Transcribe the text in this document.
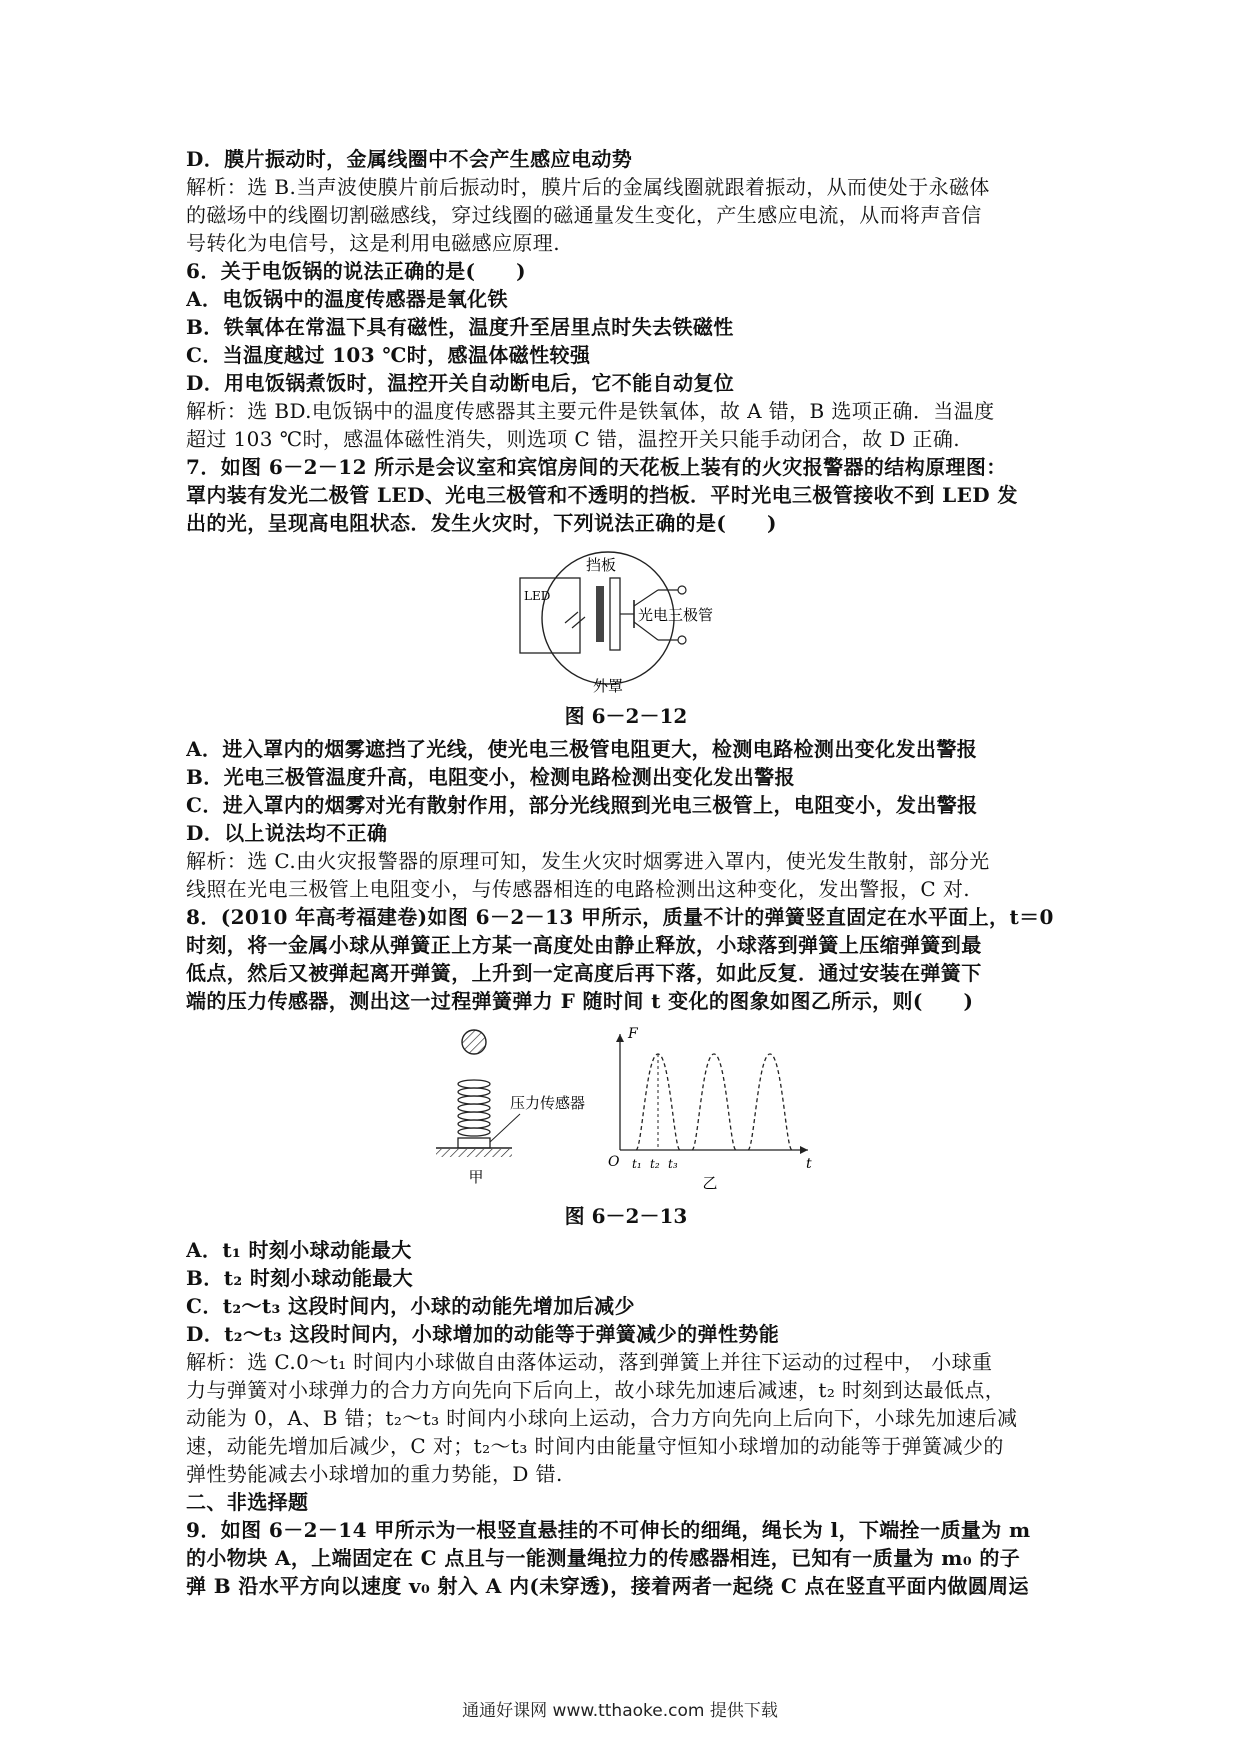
D．膜片振动时，金属线圈中不会产生感应电动势
解析：选 B.当声波使膜片前后振动时，膜片后的金属线圈就跟着振动，从而使处于永磁体
的磁场中的线圈切割磁感线，穿过线圈的磁通量发生变化，产生感应电流，从而将声音信
号转化为电信号，这是利用电磁感应原理.
6．关于电饭锅的说法正确的是(　　)
A．电饭锅中的温度传感器是氧化铁
B．铁氧体在常温下具有磁性，温度升至居里点时失去铁磁性
C．当温度越过 103 ℃时，感温体磁性较强
D．用电饭锅煮饭时，温控开关自动断电后，它不能自动复位
解析：选 BD.电饭锅中的温度传感器其主要元件是铁氧体，故 A 错，B 选项正确．当温度
超过 103 ℃时，感温体磁性消失，则选项 C 错，温控开关只能手动闭合，故 D 正确.
7．如图 6－2－12 所示是会议室和宾馆房间的天花板上装有的火灾报警器的结构原理图：
罩内装有发光二极管 LED、光电三极管和不透明的挡板．平时光电三极管接收不到 LED 发
出的光，呈现高电阻状态．发生火灾时，下列说法正确的是(　　)
挡板
LED
光电三极管
外罩
图 6－2－12
A．进入罩内的烟雾遮挡了光线，使光电三极管电阻更大，检测电路检测出变化发出警报
B．光电三极管温度升高，电阻变小，检测电路检测出变化发出警报
C．进入罩内的烟雾对光有散射作用，部分光线照到光电三极管上，电阻变小，发出警报
D．以上说法均不正确
解析：选 C.由火灾报警器的原理可知，发生火灾时烟雾进入罩内，使光发生散射，部分光
线照在光电三极管上电阻变小，与传感器相连的电路检测出这种变化，发出警报，C 对.
8．(2010 年高考福建卷)如图 6－2－13 甲所示，质量不计的弹簧竖直固定在水平面上，t＝0
时刻，将一金属小球从弹簧正上方某一高度处由静止释放，小球落到弹簧上压缩弹簧到最
低点，然后又被弹起离开弹簧，上升到一定高度后再下落，如此反复．通过安装在弹簧下
端的压力传感器，测出这一过程弹簧弹力 F 随时间 t 变化的图象如图乙所示，则(　　)
压力传感器
甲
F
t
O t₁ t₂ t₃
乙
图 6－2－13
A．t₁ 时刻小球动能最大
B．t₂ 时刻小球动能最大
C．t₂～t₃ 这段时间内，小球的动能先增加后减少
D．t₂～t₃ 这段时间内，小球增加的动能等于弹簧减少的弹性势能
解析：选 C.0～t₁ 时间内小球做自由落体运动，落到弹簧上并往下运动的过程中， 小球重
力与弹簧对小球弹力的合力方向先向下后向上，故小球先加速后减速，t₂ 时刻到达最低点，
动能为 0，A、B 错；t₂～t₃ 时间内小球向上运动，合力方向先向上后向下，小球先加速后减
速，动能先增加后减少，C 对；t₂～t₃ 时间内由能量守恒知小球增加的动能等于弹簧减少的
弹性势能减去小球增加的重力势能，D 错.
二、非选择题
9．如图 6－2－14 甲所示为一根竖直悬挂的不可伸长的细绳，绳长为 l，下端拴一质量为 m
的小物块 A，上端固定在 C 点且与一能测量绳拉力的传感器相连，已知有一质量为 m₀ 的子
弹 B 沿水平方向以速度 v₀ 射入 A 内(未穿透)，接着两者一起绕 C 点在竖直平面内做圆周运
通通好课网 www.tthaoke.com 提供下载
